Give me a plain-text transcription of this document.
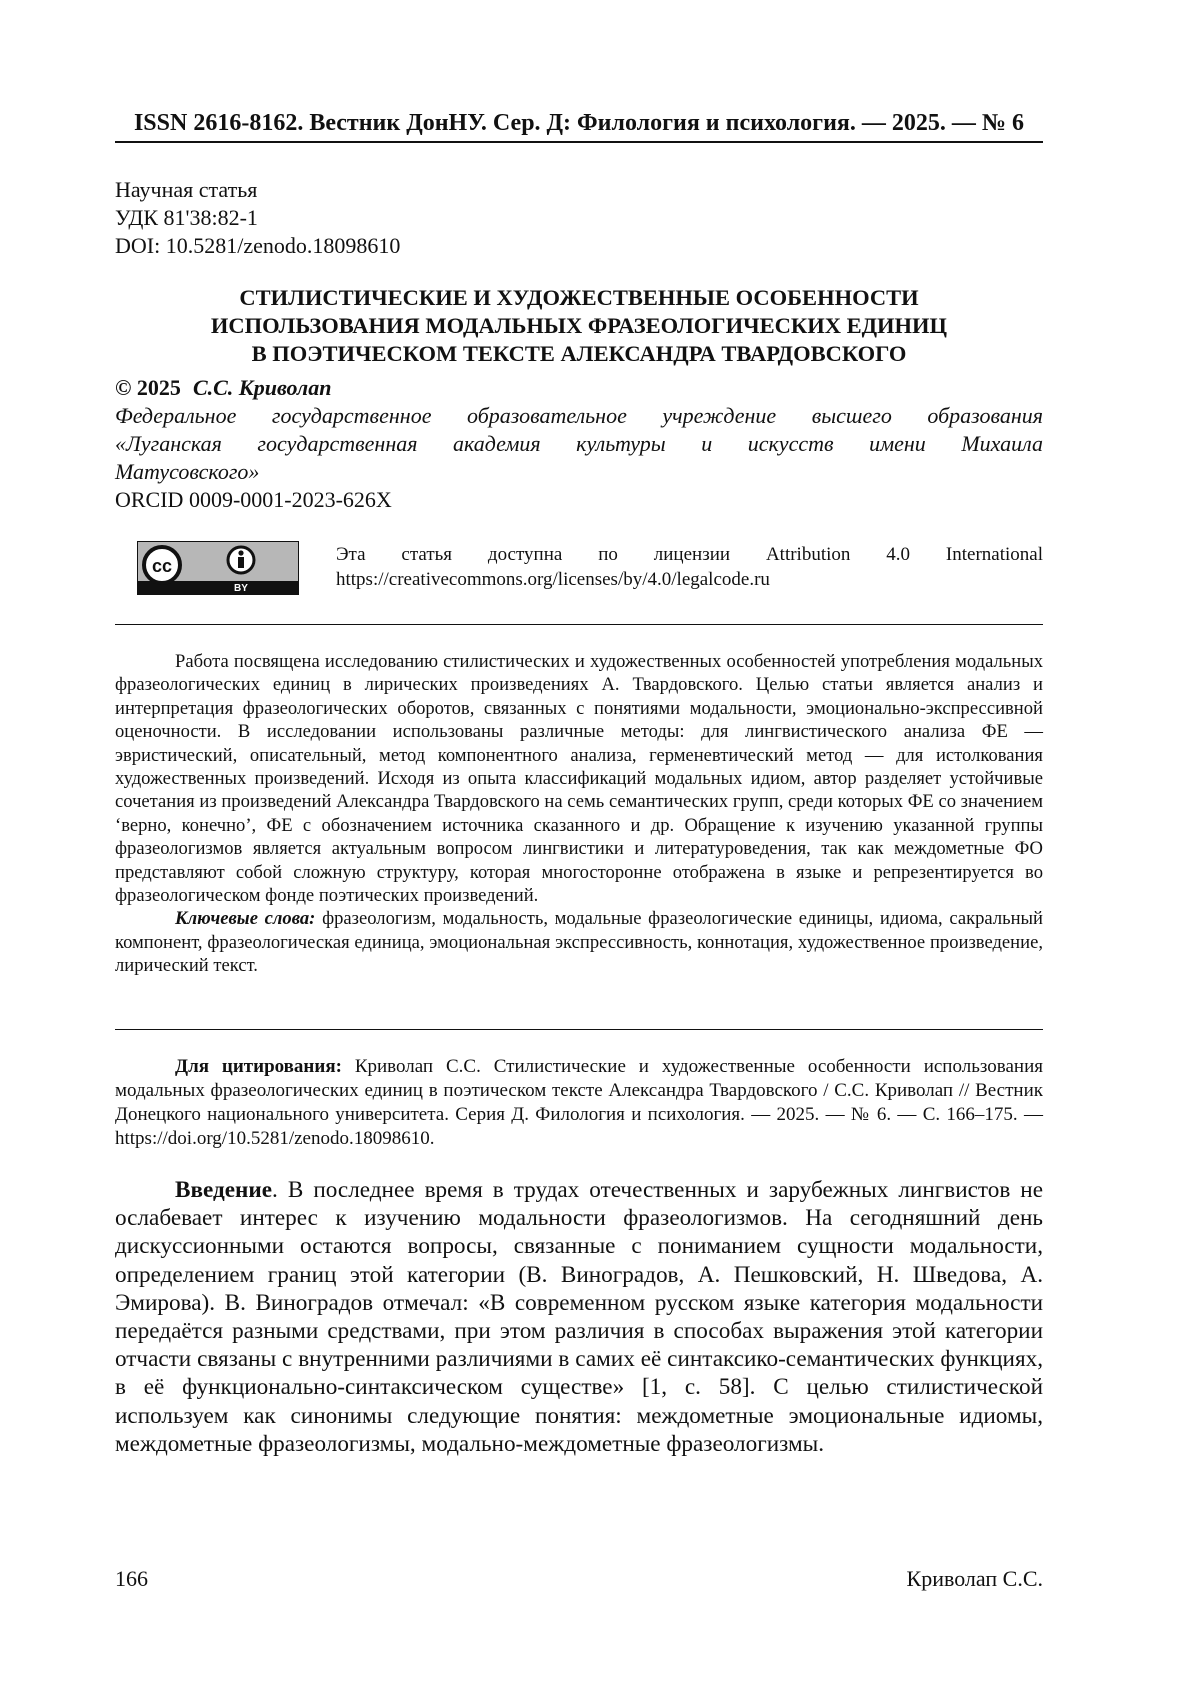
ISSN 2616-8162. Вестник ДонНУ. Сер. Д: Филология и психология. — 2025. — № 6
Научная статья
УДК 81'38:82-1
DOI: 10.5281/zenodo.18098610
СТИЛИСТИЧЕСКИЕ И ХУДОЖЕСТВЕННЫЕ ОСОБЕННОСТИ
ИСПОЛЬЗОВАНИЯ МОДАЛЬНЫХ ФРАЗЕОЛОГИЧЕСКИХ ЕДИНИЦ
В ПОЭТИЧЕСКОМ ТЕКСТЕ АЛЕКСАНДРА ТВАРДОВСКОГО
© 2025 С.С. Криволап
Федеральное государственное образовательное учреждение высшего образования
«Луганская государственная академия культуры и искусств имени Михаила
Матусовского»
ORCID 0009-0001-2023-626X
cc
BY
Эта статья доступна по лицензии Attribution 4.0 International
https://creativecommons.org/licenses/by/4.0/legalcode.ru

Работа посвящена исследованию стилистических и художественных особенностей употребления модальных фразеологических единиц в лирических произведениях А. Твардовского. Целью статьи является анализ и интерпретация фразеологических оборотов, связанных с понятиями модальности, эмоционально-экспрессивной оценочности. В исследовании использованы различные методы: для лингвистического анализа ФЕ — эвристический, описательный, метод компонентного анализа, герменевтический метод — для истолкования художественных произведений. Исходя из опыта классификаций модальных идиом, автор разделяет устойчивые сочетания из произведений Александра Твардовского на семь семантических групп, среди которых ФЕ со значением ‘верно, конечно’, ФЕ с обозначением источника сказанного и др. Обращение к изучению указанной группы фразеологизмов является актуальным вопросом лингвистики и литературоведения, так как междометные ФО представляют собой сложную структуру, которая многосторонне отображена в языке и репрезентируется во фразеологическом фонде поэтических произведений.

Ключевые слова: фразеологизм, модальность, модальные фразеологические единицы, идиома, сакральный компонент, фразеологическая единица, эмоциональная экспрессивность, коннотация, художественное произведение, лирический текст.

Для цитирования: Криволап С.С. Стилистические и художественные особенности использования модальных фразеологических единиц в поэтическом тексте Александра Твардовского / С.С. Криволап // Вестник Донецкого национального университета. Серия Д. Филология и психология. — 2025. — № 6. — С. 166–175. — https://doi.org/10.5281/zenodo.18098610.

Введение. В последнее время в трудах отечественных и зарубежных лингвистов не ослабевает интерес к изучению модальности фразеологизмов. На сегодняшний день дискуссионными остаются вопросы, связанные с пониманием сущности модальности, определением границ этой категории (В. Виноградов, А. Пешковский, Н. Шведова, А. Эмирова). В. Виноградов отмечал: «В современном русском языке категория модальности передаётся разными средствами, при этом различия в способах выражения этой категории отчасти связаны с внутренними различиями в самих её синтаксико-семантических функциях, в её функционально-синтаксическом существе» [1, с. 58]. С целью стилистической используем как синонимы следующие понятия: междометные эмоциональные идиомы, междометные фразеологизмы, модально-междометные фразеологизмы.

166	Криволап С.С.
